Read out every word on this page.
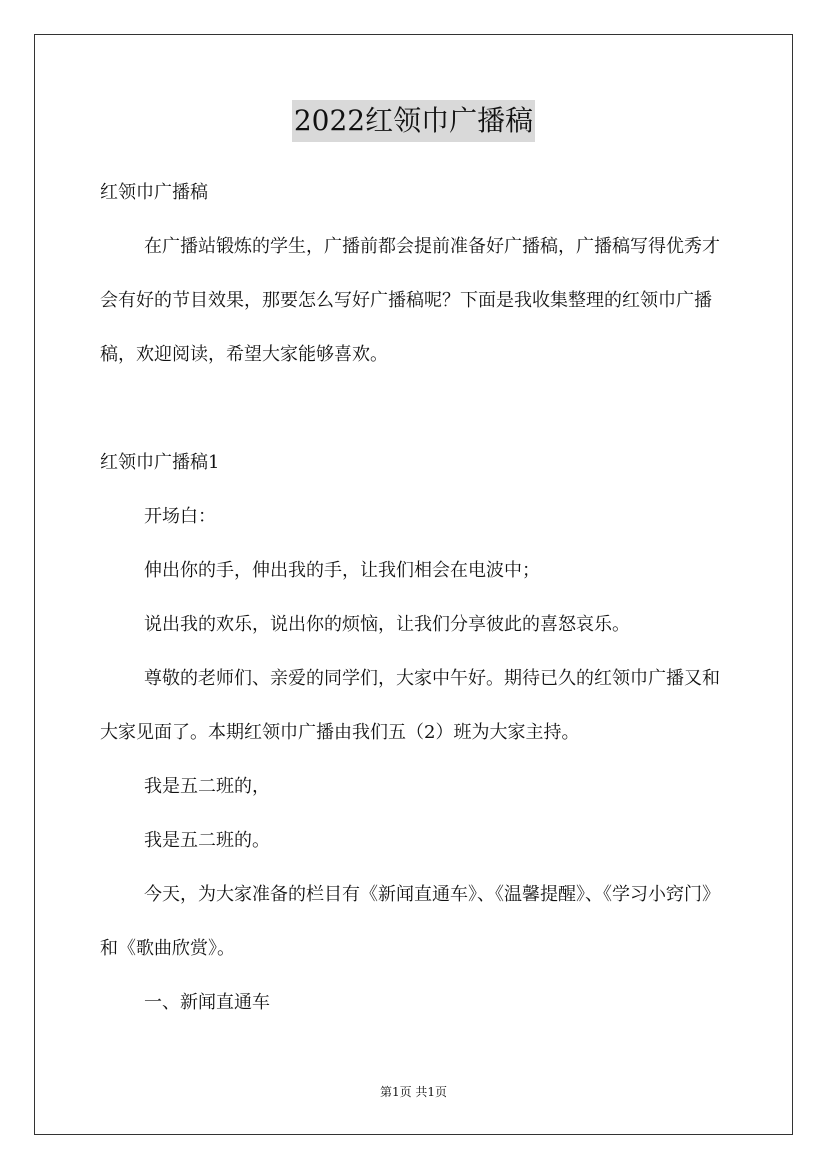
2022红领巾广播稿

红领巾广播稿

在广播站锻炼的学生，广播前都会提前准备好广播稿，广播稿写得优秀才会有好的节目效果，那要怎么写好广播稿呢？下面是我收集整理的红领巾广播稿，欢迎阅读，希望大家能够喜欢。

红领巾广播稿1

开场白：

伸出你的手，伸出我的手，让我们相会在电波中；

说出我的欢乐，说出你的烦恼，让我们分享彼此的喜怒哀乐。

尊敬的老师们、亲爱的同学们，大家中午好。期待已久的红领巾广播又和大家见面了。本期红领巾广播由我们五（2）班为大家主持。

我是五二班的，

我是五二班的。

今天，为大家准备的栏目有《新闻直通车》、《温馨提醒》、《学习小窍门》和《歌曲欣赏》。

一、新闻直通车

第1页 共1页
